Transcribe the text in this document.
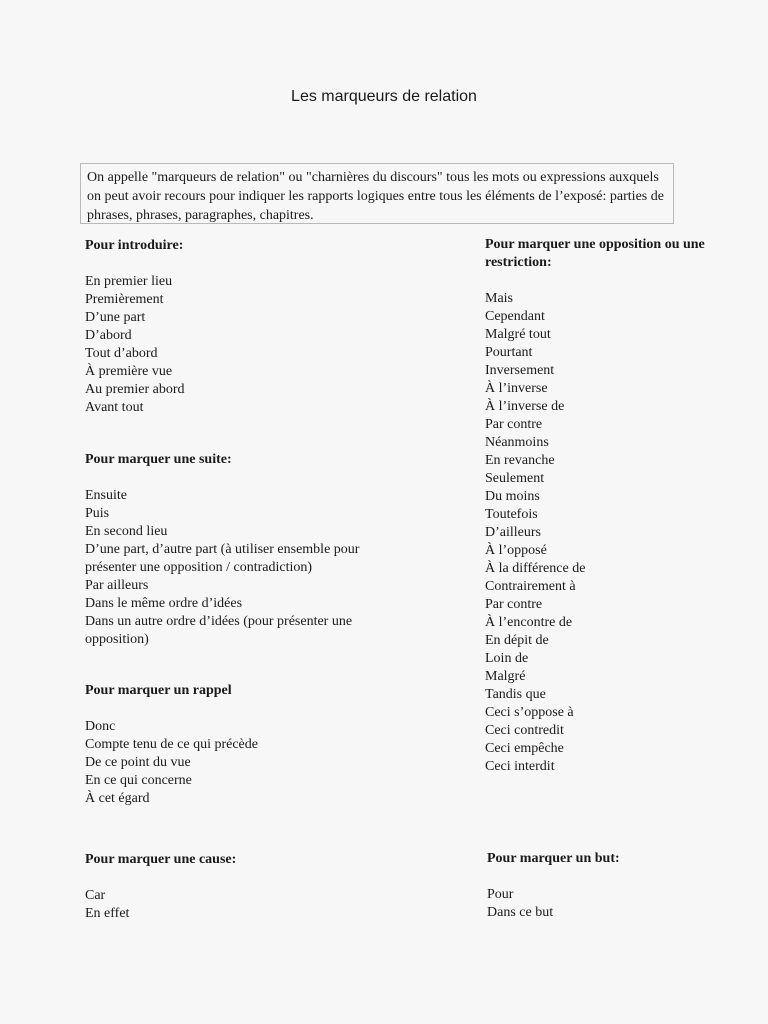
Les marqueurs de relation
On appelle "marqueurs de relation" ou "charnières du discours" tous les mots ou expressions auxquels on peut avoir recours pour indiquer les rapports logiques entre tous les éléments de l’exposé: parties de phrases, phrases, paragraphes, chapitres.
Pour introduire:
En premier lieu
Premièrement
D’une part
D’abord
Tout d’abord
À première vue
Au premier abord
Avant tout
Pour marquer une suite:
Ensuite
Puis
En second lieu
D’une part, d’autre part (à utiliser ensemble pour présenter une opposition / contradiction)
Par ailleurs
Dans le même ordre d’idées
Dans un autre ordre d’idées (pour présenter une opposition)
Pour marquer un rappel
Donc
Compte tenu de ce qui précède
De ce point du vue
En ce qui concerne
À cet égard
Pour marquer une cause:
Car
En effet
Pour marquer une opposition ou une restriction:
Mais
Cependant
Malgré tout
Pourtant
Inversement
À l’inverse
À l’inverse de
Par contre
Néanmoins
En revanche
Seulement
Du moins
Toutefois
D’ailleurs
À l’opposé
À la différence de
Contrairement à
Par contre
À l’encontre de
En dépit de
Loin de
Malgré
Tandis que
Ceci s’oppose à
Ceci contredit
Ceci empêche
Ceci interdit
Pour marquer un but:
Pour
Dans ce but
